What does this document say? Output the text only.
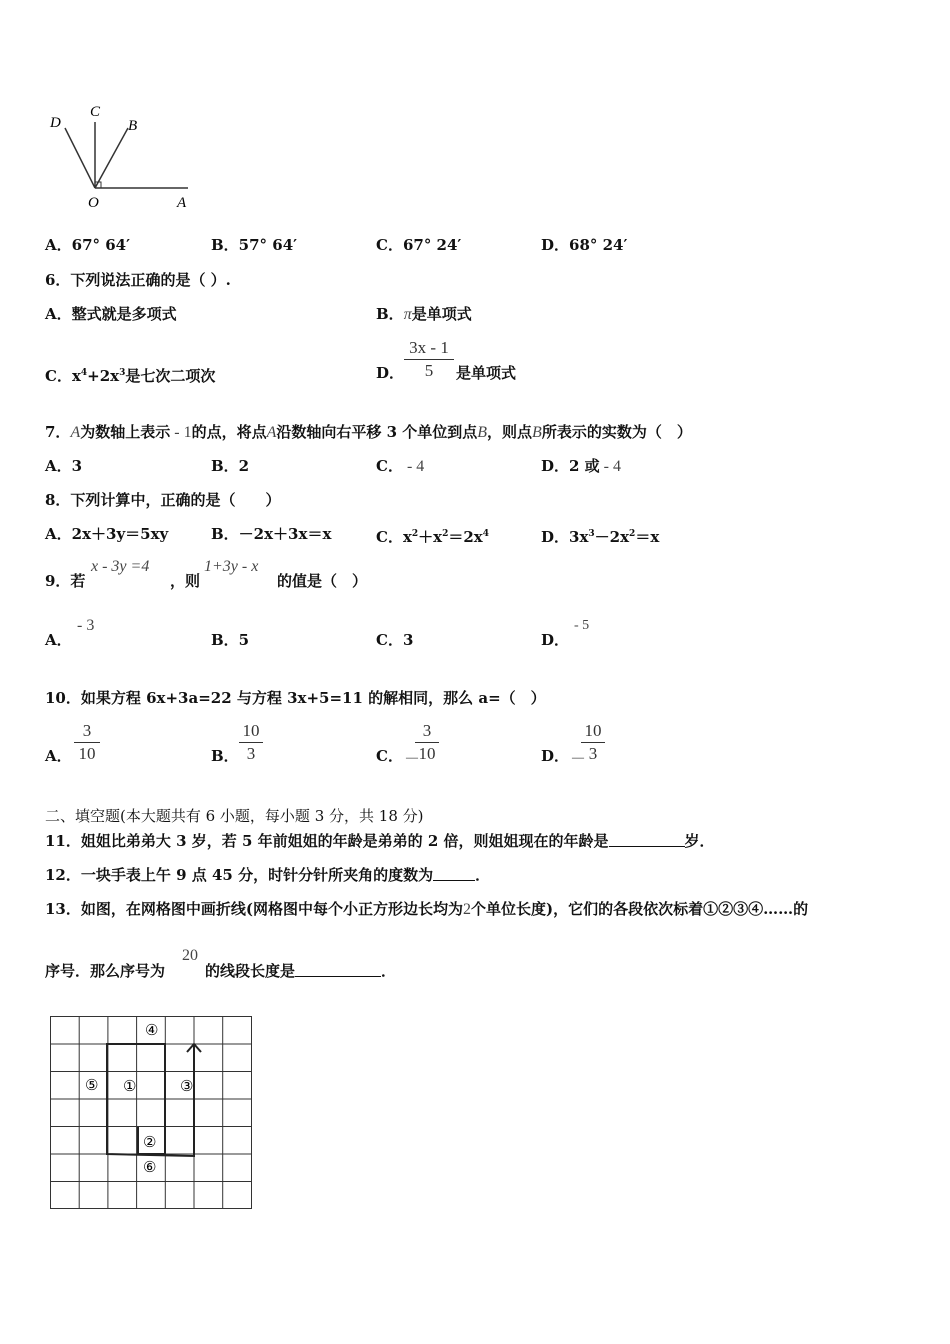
D
C
B
O	A
A．67° 64′	B．57° 64′	C．67° 24′	D．68° 24′
6．下列说法正确的是（ ）.
A．整式就是多项式	B．π是单项式
C．$x^4+2x^3$是七次二项次	D．
3x - 1
5	是单项式
7．A为数轴上表示 - 1的点，将点A沿数轴向右平移 3 个单位到点B，则点B所表示的实数为（　）
A．3	B．2	C． - 4	D．2 或 - 4
8．下列计算中，正确的是（　　）
A．2x＋3y＝5xy	B．－2x＋3x＝x	C．$x^2+x^2=2x^4$	D．$3x^3-2x^2=x$
9．若
x - 3y =4
，则
1+3y - x
的值是（　）
A．
- 3
B．5	C．3	D．
- 5
10．如果方程 6x+3a=22 与方程 3x+5=11 的解相同，那么 a=（　）
A．
3
10	B．
10
3	C． －
3
10	D． －
10
3
二、填空题(本大题共有 6 小题，每小题 3 分，共 18 分)
11．姐姐比弟弟大 3 岁，若 5 年前姐姐的年龄是弟弟的 2 倍，则姐姐现在的年龄是	岁．
12．一块手表上午 9 点 45 分，时针分针所夹角的度数为	．
13．如图，在网格图中画折线(网格图中每个小正方形边长均为2个单位长度)，它们的各段依次标着①②③④……的
序号．那么序号为
20
的线段长度是	．
①
②
③
④
⑤
⑥
